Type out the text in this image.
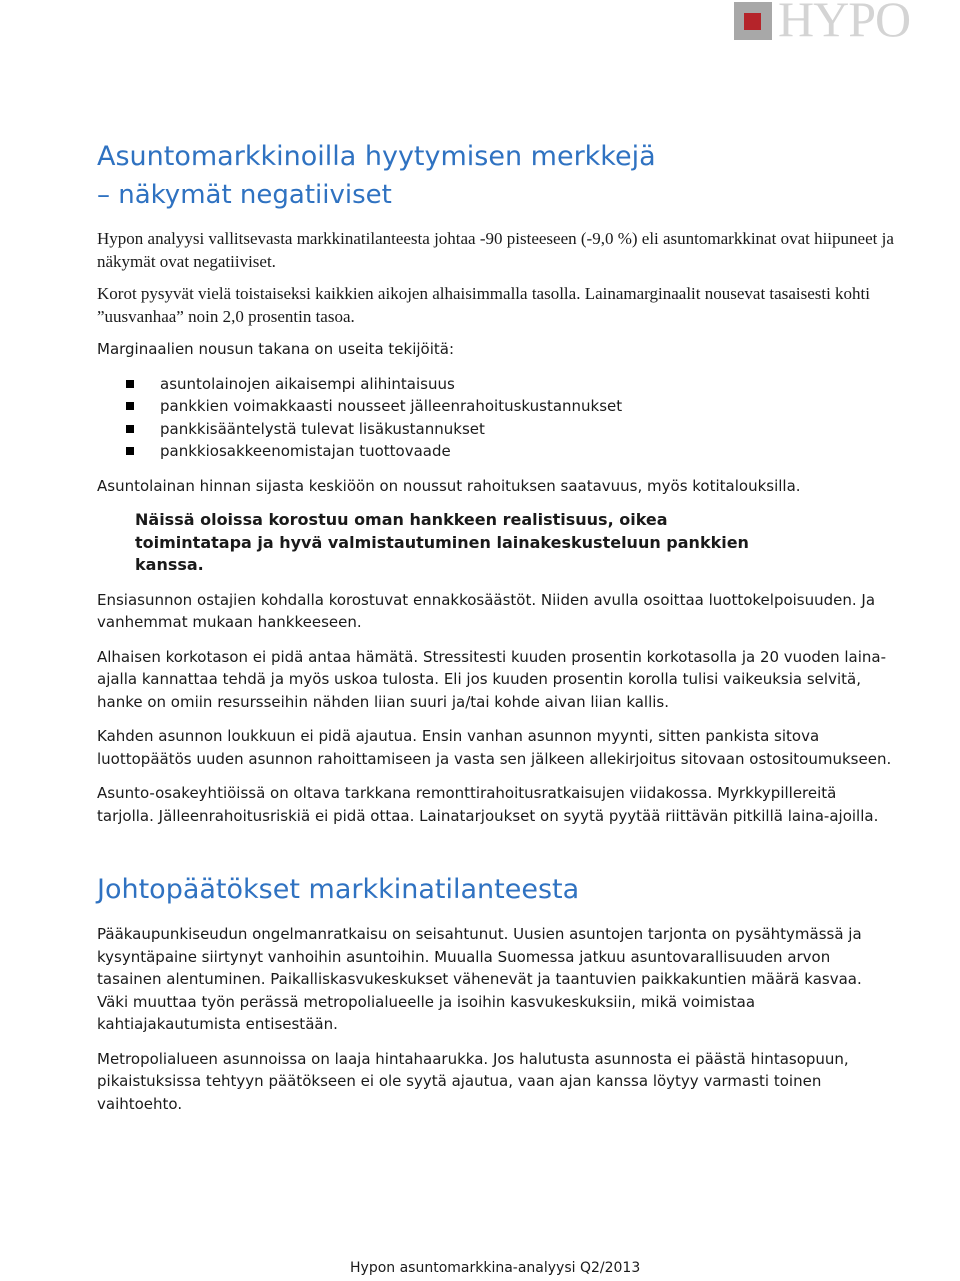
HYPO
Asuntomarkkinoilla hyytymisen merkkejä
– näkymät negatiiviset

Hypon analyysi vallitsevasta markkinatilanteesta johtaa -90 pisteeseen (-9,0 %) eli asuntomarkkinat ovat hiipuneet ja näkymät ovat negatiiviset.

Korot pysyvät vielä toistaiseksi kaikkien aikojen alhaisimmalla tasolla. Lainamarginaalit nousevat tasaisesti kohti ”uusvanhaa” noin 2,0 prosentin tasoa.

Marginaalien nousun takana on useita tekijöitä:

asuntolainojen aikaisempi alihintaisuus
pankkien voimakkaasti nousseet jälleenrahoituskustannukset
pankkisääntelystä tulevat lisäkustannukset
pankkiosakkeenomistajan tuottovaade

Asuntolainan hinnan sijasta keskiöön on noussut rahoituksen saatavuus, myös kotitalouksilla.

Näissä oloissa korostuu oman hankkeen realistisuus, oikea toimintatapa ja hyvä valmistautuminen lainakeskusteluun pankkien kanssa.

Ensiasunnon ostajien kohdalla korostuvat ennakkosäästöt. Niiden avulla osoittaa luottokelpoisuuden. Ja vanhemmat mukaan hankkeeseen.

Alhaisen korkotason ei pidä antaa hämätä. Stressitesti kuuden prosentin korkotasolla ja 20 vuoden laina-ajalla kannattaa tehdä ja myös uskoa tulosta. Eli jos kuuden prosentin korolla tulisi vaikeuksia selvitä, hanke on omiin resursseihin nähden liian suuri ja/tai kohde aivan liian kallis.

Kahden asunnon loukkuun ei pidä ajautua. Ensin vanhan asunnon myynti, sitten pankista sitova luottopäätös uuden asunnon rahoittamiseen ja vasta sen jälkeen allekirjoitus sitovaan ostositoumukseen.

Asunto-osakeyhtiöissä on oltava tarkkana remonttirahoitusratkaisujen viidakossa. Myrkkypillereitä tarjolla. Jälleenrahoitusriskiä ei pidä ottaa. Lainatarjoukset on syytä pyytää riittävän pitkillä laina-ajoilla.

Johtopäätökset markkinatilanteesta

Pääkaupunkiseudun ongelmanratkaisu on seisahtunut. Uusien asuntojen tarjonta on pysähtymässä ja kysyntäpaine siirtynyt vanhoihin asuntoihin. Muualla Suomessa jatkuu asuntovarallisuuden arvon tasainen alentuminen. Paikalliskasvukeskukset vähenevät ja taantuvien paikkakuntien määrä kasvaa. Väki muuttaa työn perässä metropolialueelle ja isoihin kasvukeskuksiin, mikä voimistaa kahtiajakautumista entisestään.

Metropolialueen asunnoissa on laaja hintahaarukka. Jos halutusta asunnosta ei päästä hintasopuun, pikaistuksissa tehtyyn päätökseen ei ole syytä ajautua, vaan ajan kanssa löytyy varmasti toinen vaihtoehto.

Hypon asuntomarkkina-analyysi Q2/2013
